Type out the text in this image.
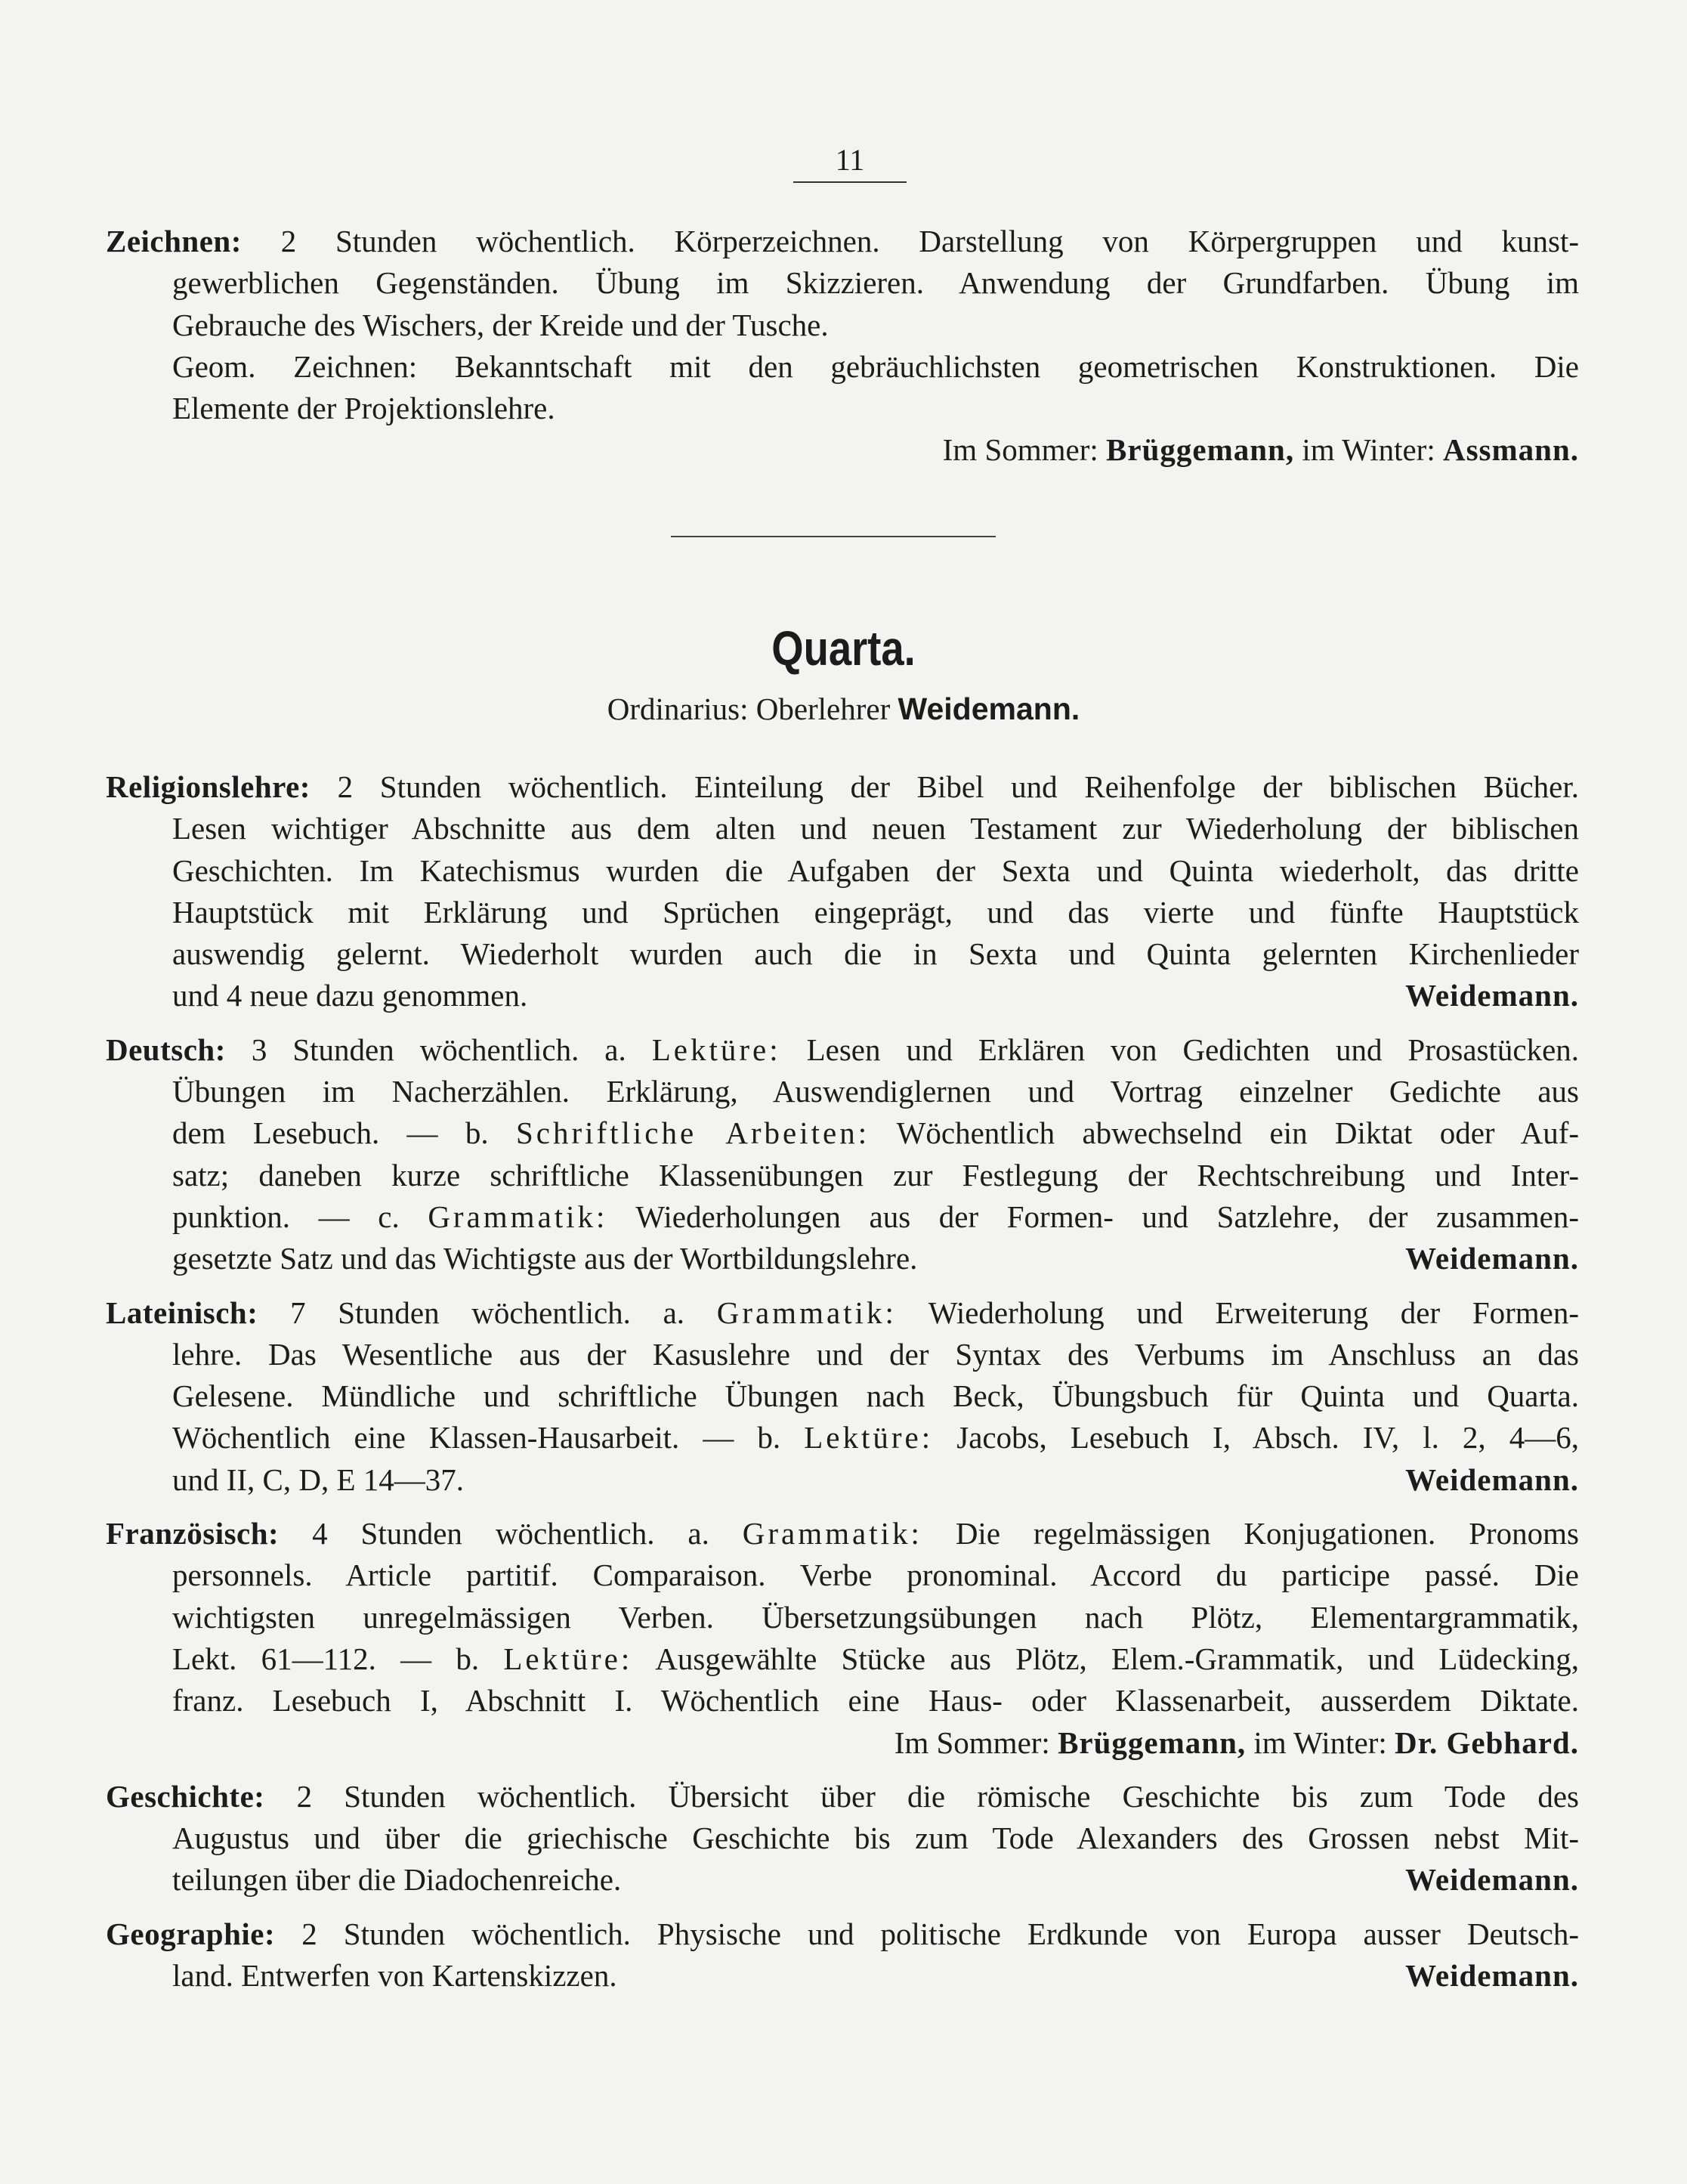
11
Zeichnen: 2 Stunden wöchentlich. Körperzeichnen. Darstellung von Körpergruppen und kunst-
gewerblichen Gegenständen. Übung im Skizzieren. Anwendung der Grundfarben. Übung im
Gebrauche des Wischers, der Kreide und der Tusche.
Geom. Zeichnen: Bekanntschaft mit den gebräuchlichsten geometrischen Konstruktionen. Die
Elemente der Projektionslehre.
Im Sommer: Brüggemann, im Winter: Assmann.
Quarta.
Ordinarius: Oberlehrer Weidemann.
Religionslehre: 2 Stunden wöchentlich. Einteilung der Bibel und Reihenfolge der biblischen Bücher.
Lesen wichtiger Abschnitte aus dem alten und neuen Testament zur Wiederholung der biblischen
Geschichten. Im Katechismus wurden die Aufgaben der Sexta und Quinta wiederholt, das dritte
Hauptstück mit Erklärung und Sprüchen eingeprägt, und das vierte und fünfte Hauptstück
auswendig gelernt. Wiederholt wurden auch die in Sexta und Quinta gelernten Kirchenlieder
und 4 neue dazu genommen.	Weidemann.
Deutsch: 3 Stunden wöchentlich. a. Lektüre: Lesen und Erklären von Gedichten und Prosastücken.
Übungen im Nacherzählen. Erklärung, Auswendiglernen und Vortrag einzelner Gedichte aus
dem Lesebuch. — b. Schriftliche Arbeiten: Wöchentlich abwechselnd ein Diktat oder Auf-
satz; daneben kurze schriftliche Klassenübungen zur Festlegung der Rechtschreibung und Inter-
punktion. — c. Grammatik: Wiederholungen aus der Formen- und Satzlehre, der zusammen-
gesetzte Satz und das Wichtigste aus der Wortbildungslehre.	Weidemann.
Lateinisch: 7 Stunden wöchentlich. a. Grammatik: Wiederholung und Erweiterung der Formen-
lehre. Das Wesentliche aus der Kasuslehre und der Syntax des Verbums im Anschluss an das
Gelesene. Mündliche und schriftliche Übungen nach Beck, Übungsbuch für Quinta und Quarta.
Wöchentlich eine Klassen-Hausarbeit. — b. Lektüre: Jacobs, Lesebuch I, Absch. IV, l. 2, 4—6,
und II, C, D, E 14—37.	Weidemann.
Französisch: 4 Stunden wöchentlich. a. Grammatik: Die regelmässigen Konjugationen. Pronoms
personnels. Article partitif. Comparaison. Verbe pronominal. Accord du participe passé. Die
wichtigsten unregelmässigen Verben. Übersetzungsübungen nach Plötz, Elementargrammatik,
Lekt. 61—112. — b. Lektüre: Ausgewählte Stücke aus Plötz, Elem.-Grammatik, und Lüdecking,
franz. Lesebuch I, Abschnitt I. Wöchentlich eine Haus- oder Klassenarbeit, ausserdem Diktate.
Im Sommer: Brüggemann, im Winter: Dr. Gebhard.
Geschichte: 2 Stunden wöchentlich. Übersicht über die römische Geschichte bis zum Tode des
Augustus und über die griechische Geschichte bis zum Tode Alexanders des Grossen nebst Mit-
teilungen über die Diadochenreiche.	Weidemann.
Geographie: 2 Stunden wöchentlich. Physische und politische Erdkunde von Europa ausser Deutsch-
land. Entwerfen von Kartenskizzen.	Weidemann.
